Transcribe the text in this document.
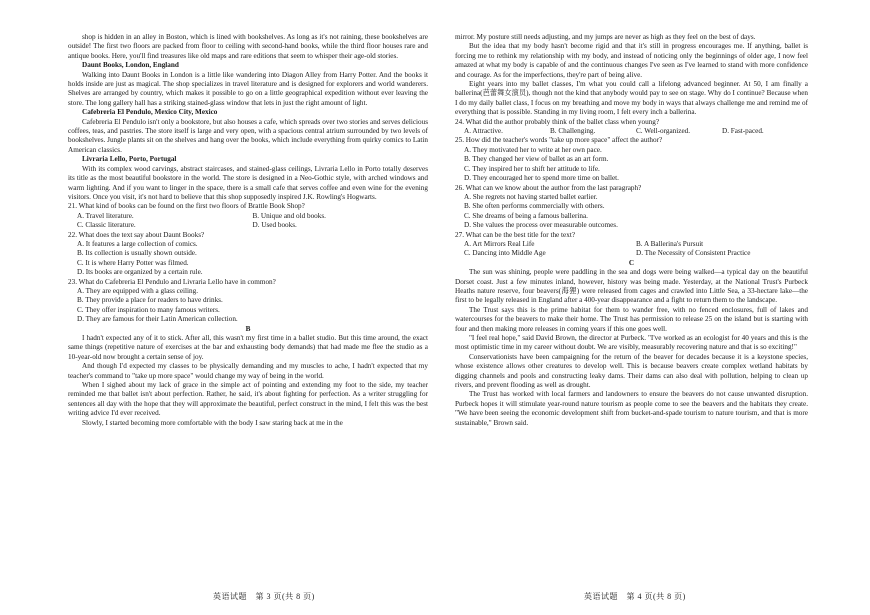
shop is hidden in an alley in Boston, which is lined with bookshelves. As long as it's not raining, these bookshelves are outside! The first two floors are packed from floor to ceiling with second-hand books, while the third floor houses rare and antique books. Here, you'll find treasures like old maps and rare editions that seem to whisper their age-old stories.

Daunt Books, London, England

Walking into Daunt Books in London is a little like wandering into Diagon Alley from Harry Potter. And the books it holds inside are just as magical. The shop specializes in travel literature and is designed for explorers and world wanderers. Shelves are arranged by country, which makes it possible to go on a little geographical expedition without ever leaving the store. The long gallery hall has a striking stained-glass window that lets in just the right amount of light.

Cafebreria El Pendulo, Mexico City, Mexico

Cafebreria El Pendulo isn't only a bookstore, but also houses a cafe, which spreads over two stories and serves delicious coffees, teas, and pastries. The store itself is large and very open, with a spacious central atrium surrounded by two levels of bookshelves. Jungle plants sit on the shelves and hang over the books, which include everything from quirky comics to Latin American classics.

Livraria Lello, Porto, Portugal

With its complex wood carvings, abstract staircases, and stained-glass ceilings, Livraria Lello in Porto totally deserves its title as the most beautiful bookstore in the world. The store is designed in a Neo-Gothic style, with arched windows and warm lighting. And if you want to linger in the space, there is a small cafe that serves coffee and even wine for the evening visitors. Once you visit, it's not hard to believe that this shop supposedly inspired J.K. Rowling's Hogwarts.

21. What kind of books can be found on the first two floors of Brattle Book Shop?

A. Travel literature.	B. Unique and old books.
C. Classic literature.	D. Used books.

22. What does the text say about Daunt Books?

A. It features a large collection of comics.

B. Its collection is usually shown outside.

C. It is where Harry Potter was filmed.

D. Its books are organized by a certain rule.

23. What do Cafebreria El Pendulo and Livraria Lello have in common?

A. They are equipped with a glass ceiling.

B. They provide a place for readers to have drinks.

C. They offer inspiration to many famous writers.

D. They are famous for their Latin American collection.

B

I hadn't expected any of it to stick. After all, this wasn't my first time in a ballet studio. But this time around, the exact same things (repetitive nature of exercises at the bar and exhausting body demands) that had made me flee the studio as a 10-year-old now brought a certain sense of joy.

And though I'd expected my classes to be physically demanding and my muscles to ache, I hadn't expected that my teacher's command to "take up more space" would change my way of being in the world.

When I sighed about my lack of grace in the simple act of pointing and extending my foot to the side, my teacher reminded me that ballet isn't about perfection. Rather, he said, it's about fighting for perfection. As a writer struggling for sentences all day with the hope that they will approximate the beautiful, perfect construct in the mind, I felt this was the best writing advice I'd ever received.

Slowly, I started becoming more comfortable with the body I saw staring back at me in the

mirror. My posture still needs adjusting, and my jumps are never as high as they feel on the best of days.

But the idea that my body hasn't become rigid and that it's still in progress encourages me. If anything, ballet is forcing me to rethink my relationship with my body, and instead of noticing only the beginnings of older age, I now feel amazed at what my body is capable of and the continuous changes I've seen as I've learned to stand with more confidence and courage. As for the imperfections, they're part of being alive.

Eight years into my ballet classes, I'm what you could call a lifelong advanced beginner. At 50, I am finally a ballerina(芭蕾舞女演员), though not the kind that anybody would pay to see on stage. Why do I continue? Because when I do my daily ballet class, I focus on my breathing and move my body in ways that always challenge me and remind me of everything that is possible. Standing in my living room, I felt every inch a ballerina.

24. What did the author probably think of the ballet class when young?

A. Attractive.	B. Challenging.	C. Well-organized.	D. Fast-paced.

25. How did the teacher's words "take up more space" affect the author?

A. They motivated her to write at her own pace.

B. They changed her view of ballet as an art form.

C. They inspired her to shift her attitude to life.

D. They encouraged her to spend more time on ballet.

26. What can we know about the author from the last paragraph?

A. She regrets not having started ballet earlier.

B. She often performs commercially with others.

C. She dreams of being a famous ballerina.

D. She values the process over measurable outcomes.

27. What can be the best title for the text?

A. Art Mirrors Real Life	B. A Ballerina's Pursuit
C. Dancing into Middle Age	D. The Necessity of Consistent Practice

C

The sun was shining, people were paddling in the sea and dogs were being walked—a typical day on the beautiful Dorset coast. Just a few minutes inland, however, history was being made. Yesterday, at the National Trust's Purbeck Heaths nature reserve, four beavers(海狸) were released from cages and crawled into Little Sea, a 33-hectare lake—the first to be legally released in England after a 400-year disappearance and a fight to return them to the landscape.

The Trust says this is the prime habitat for them to wander free, with no fenced enclosures, full of lakes and watercourses for the beavers to make their home. The Trust has permission to release 25 on the island but is starting with four and then making more releases in coming years if this one goes well.

"I feel real hope," said David Brown, the director at Purbeck. "I've worked as an ecologist for 40 years and this is the most optimistic time in my career without doubt. We are visibly, measurably recovering nature and that is so exciting!"

Conservationists have been campaigning for the return of the beaver for decades because it is a keystone species, whose existence allows other creatures to develop well. This is because beavers create complex wetland habitats by digging channels and pools and constructing leaky dams. Their dams can also deal with pollution, helping to clean up rivers, and prevent flooding as well as drought.

The Trust has worked with local farmers and landowners to ensure the beavers do not cause unwanted disruption. Purbeck hopes it will stimulate year-round nature tourism as people come to see the beavers and the habitats they create. "We have been seeing the economic development shift from bucket-and-spade tourism to nature tourism, and that is more sustainable," Brown said.

英语试题　第 3 页(共 8 页)	英语试题　第 4 页(共 8 页)
